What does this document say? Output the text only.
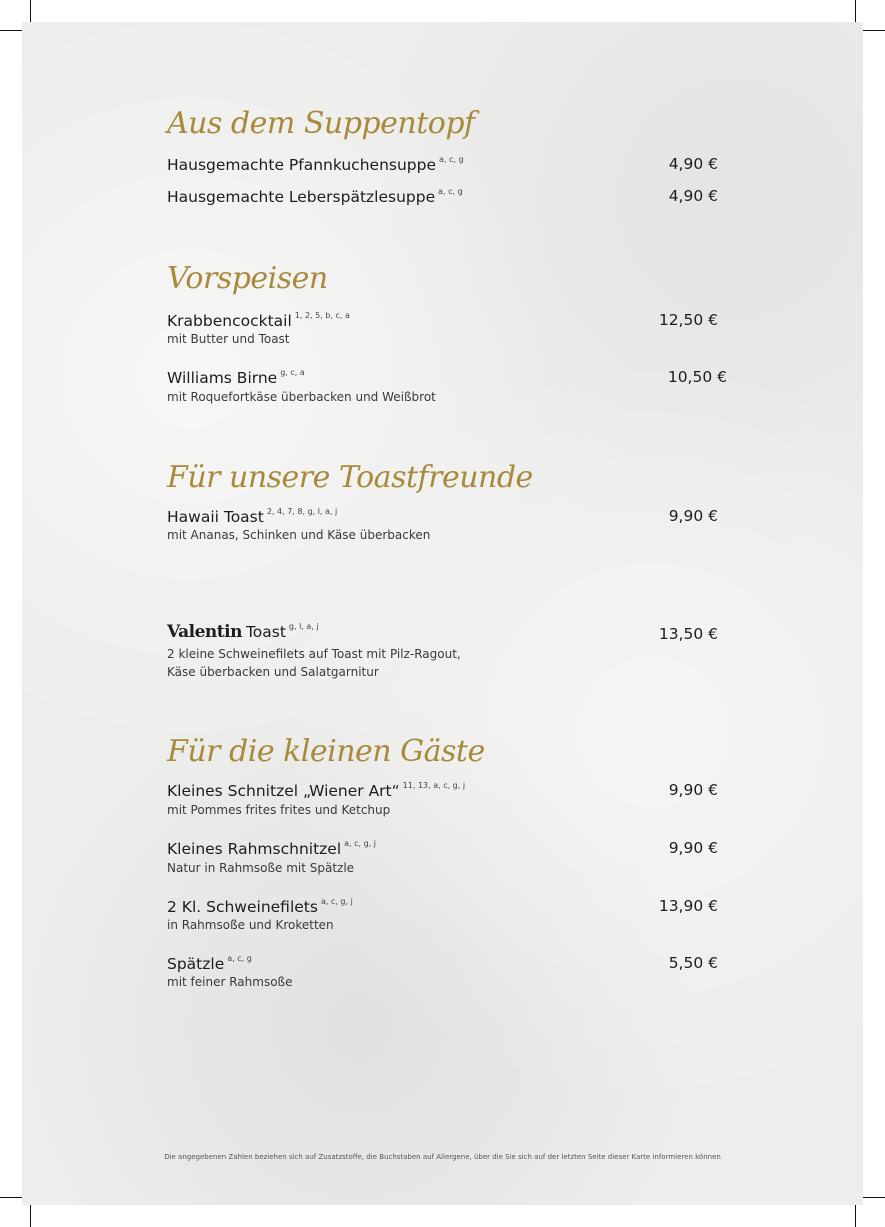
Aus dem Suppentopf
Hausgemachte Pfannkuchensuppe $^{a, c, g}$	4,90 €
Hausgemachte Leberspätzlesuppe $^{a, c, g}$	4,90 €
Vorspeisen
Krabbencocktail $^{1, 2, 5, b, c, a}$
mit Butter und Toast
12,50 €
Williams Birne $^{g, c, a}$
mit Roquefortkäse überbacken und Weißbrot
10,50 €
Für unsere Toastfreunde
Hawaii Toast $^{2, 4, 7, 8, g, l, a, j}$
mit Ananas, Schinken und Käse überbacken
9,90 €
Valentin Toast $^{g, l, a, j}$
2 kleine Schweinefilets auf Toast mit Pilz-Ragout,
Käse überbacken und Salatgarnitur
13,50 €
Für die kleinen Gäste
Kleines Schnitzel „Wiener Art“ $^{11, 13, a, c, g, j}$
mit Pommes frites frites und Ketchup
9,90 €
Kleines Rahmschnitzel $^{a, c, g, j}$
Natur in Rahmsoße mit Spätzle
9,90 €
2 Kl. Schweinefilets $^{a, c, g, j}$
in Rahmsoße und Kroketten
13,90 €
Spätzle $^{a, c, g}$
mit feiner Rahmsoße
5,50 €
Die angegebenen Zahlen beziehen sich auf Zusatzstoffe, die Buchstaben auf Allergene, über die Sie sich auf der letzten Seite dieser Karte informieren können
